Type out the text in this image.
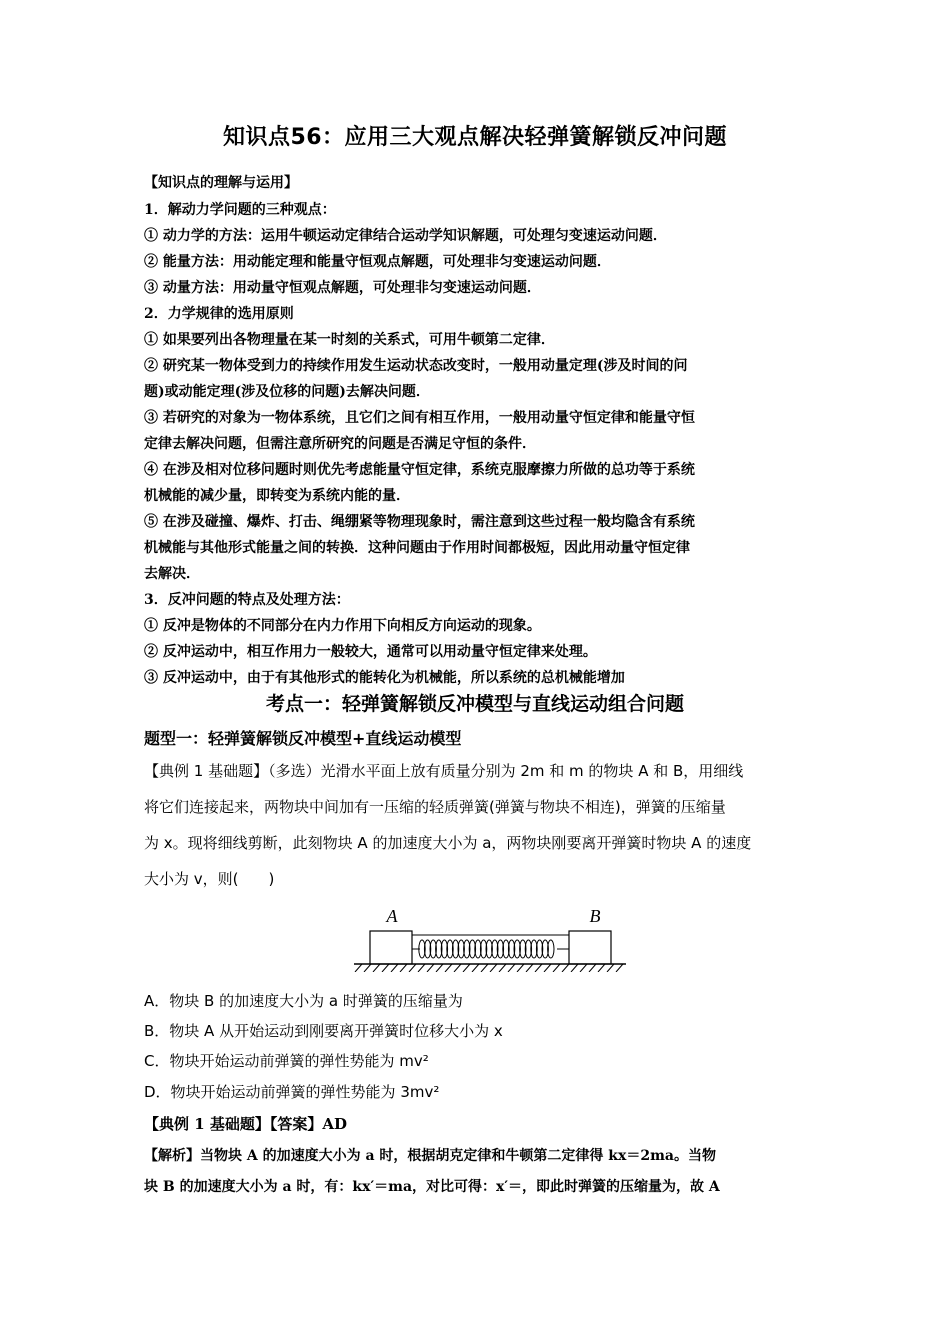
知识点56：应用三大观点解决轻弹簧解锁反冲问题
【知识点的理解与运用】
1．解动力学问题的三种观点：
① 动力学的方法：运用牛顿运动定律结合运动学知识解题，可处理匀变速运动问题．
② 能量方法：用动能定理和能量守恒观点解题，可处理非匀变速运动问题．
③ 动量方法：用动量守恒观点解题，可处理非匀变速运动问题．
2．力学规律的选用原则
① 如果要列出各物理量在某一时刻的关系式，可用牛顿第二定律．
② 研究某一物体受到力的持续作用发生运动状态改变时，一般用动量定理(涉及时间的问
题)或动能定理(涉及位移的问题)去解决问题．
③ 若研究的对象为一物体系统，且它们之间有相互作用，一般用动量守恒定律和能量守恒
定律去解决问题，但需注意所研究的问题是否满足守恒的条件．
④ 在涉及相对位移问题时则优先考虑能量守恒定律，系统克服摩擦力所做的总功等于系统
机械能的减少量，即转变为系统内能的量．
⑤ 在涉及碰撞、爆炸、打击、绳绷紧等物理现象时，需注意到这些过程一般均隐含有系统
机械能与其他形式能量之间的转换．这种问题由于作用时间都极短，因此用动量守恒定律
去解决．
3．反冲问题的特点及处理方法：
① 反冲是物体的不同部分在内力作用下向相反方向运动的现象。
② 反冲运动中，相互作用力一般较大，通常可以用动量守恒定律来处理。
③ 反冲运动中，由于有其他形式的能转化为机械能，所以系统的总机械能增加
考点一：轻弹簧解锁反冲模型与直线运动组合问题
题型一：轻弹簧解锁反冲模型+直线运动模型
【典例 1 基础题】（多选）光滑水平面上放有质量分别为 2m 和 m 的物块 A 和 B，用细线
将它们连接起来，两物块中间加有一压缩的轻质弹簧(弹簧与物块不相连)，弹簧的压缩量
为 x。现将细线剪断，此刻物块 A 的加速度大小为 a，两物块刚要离开弹簧时物块 A 的速度
大小为 v，则(　　)
A	B
A．物块 B 的加速度大小为 a 时弹簧的压缩量为
B．物块 A 从开始运动到刚要离开弹簧时位移大小为 x
C．物块开始运动前弹簧的弹性势能为 mv²
D．物块开始运动前弹簧的弹性势能为 3mv²
【典例 1 基础题】【答案】AD
【解析】当物块 A 的加速度大小为 a 时，根据胡克定律和牛顿第二定律得 kx＝2ma。当物
块 B 的加速度大小为 a 时，有：kx′＝ma，对比可得：x′＝，即此时弹簧的压缩量为，故 A
